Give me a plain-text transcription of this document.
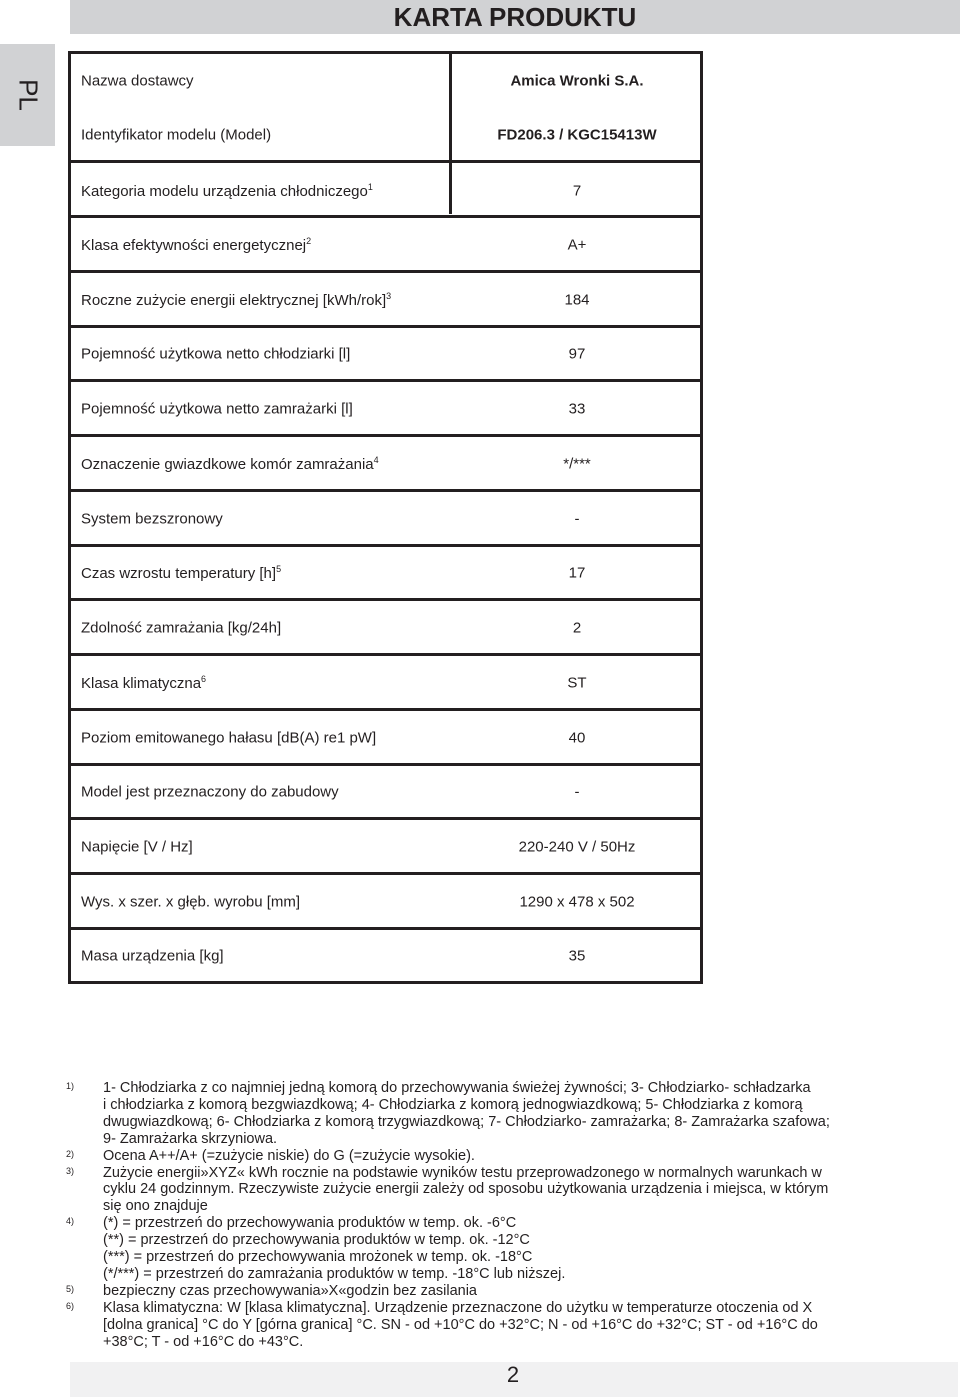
KARTA PRODUKTU
PL	Nazwa dostawcy	Amica Wronki S.A.
Identyfikator modelu (Model)	FD206.3 / KGC15413W
Kategoria modelu urządzenia chłodniczego$^1$	7
Klasa efektywności energetycznej$^2$	A+
Roczne zużycie energii elektrycznej $[kWh/rok]^3$	184
Pojemność użytkowa netto chłodziarki [l]	97
Pojemność użytkowa netto zamrażarki [l]	33
Oznaczenie gwiazdkowe komór zamrażania$^4$	*/***
System bezszronowy	-
Czas wzrostu temperatury $[h]^5$	17
Zdolność zamrażania [kg/24h]	2
Klasa klimatyczna$^6$	ST
Poziom emitowanego hałasu [dB(A) re1 pW]	40
Model jest przeznaczony do zabudowy	-
Napięcie [V / Hz]	220-240 V / 50Hz
Wys. x szer. x głęb. wyrobu [mm]	1290 x 478 x 502
Masa urządzenia [kg]	35
1) 1- Chłodziarka z co najmniej jedną komorą do przechowywania świeżej żywności; 3- Chłodziarko- schładzarka
i chłodziarka z komorą bezgwiazdkową; 4- Chłodziarka z komorą jednogwiazdkową; 5- Chłodziarka z komorą
dwugwiazdkową; 6- Chłodziarka z komorą trzygwiazdkową; 7- Chłodziarko- zamrażarka; 8- Zamrażarka szafowa;
9- Zamrażarka skrzyniowa.
2) Ocena A++/A+ (=zużycie niskie) do G (=zużycie wysokie).
3) Zużycie energii»XYZ« kWh rocznie na podstawie wyników testu przeprowadzonego w normalnych warunkach w
cyklu 24 godzinnym. Rzeczywiste zużycie energii zależy od sposobu użytkowania urządzenia i miejsca, w którym
się ono znajduje
4) (*) = przestrzeń do przechowywania produktów w temp. ok. -6°C
(**) = przestrzeń do przechowywania produktów w temp. ok. -12°C
(***) = przestrzeń do przechowywania mrożonek w temp. ok. -18°C
(*/***) = przestrzeń do zamrażania produktów w temp. -18°C lub niższej.
5) bezpieczny czas przechowywania»X«godzin bez zasilania
6) Klasa klimatyczna: W [klasa klimatyczna]. Urządzenie przeznaczone do użytku w temperaturze otoczenia od X
[dolna granica] °C do Y [górna granica] °C. SN - od +10°C do +32°C; N - od +16°C do +32°C; ST - od +16°C do
+38°C; T - od +16°C do +43°C.
2
